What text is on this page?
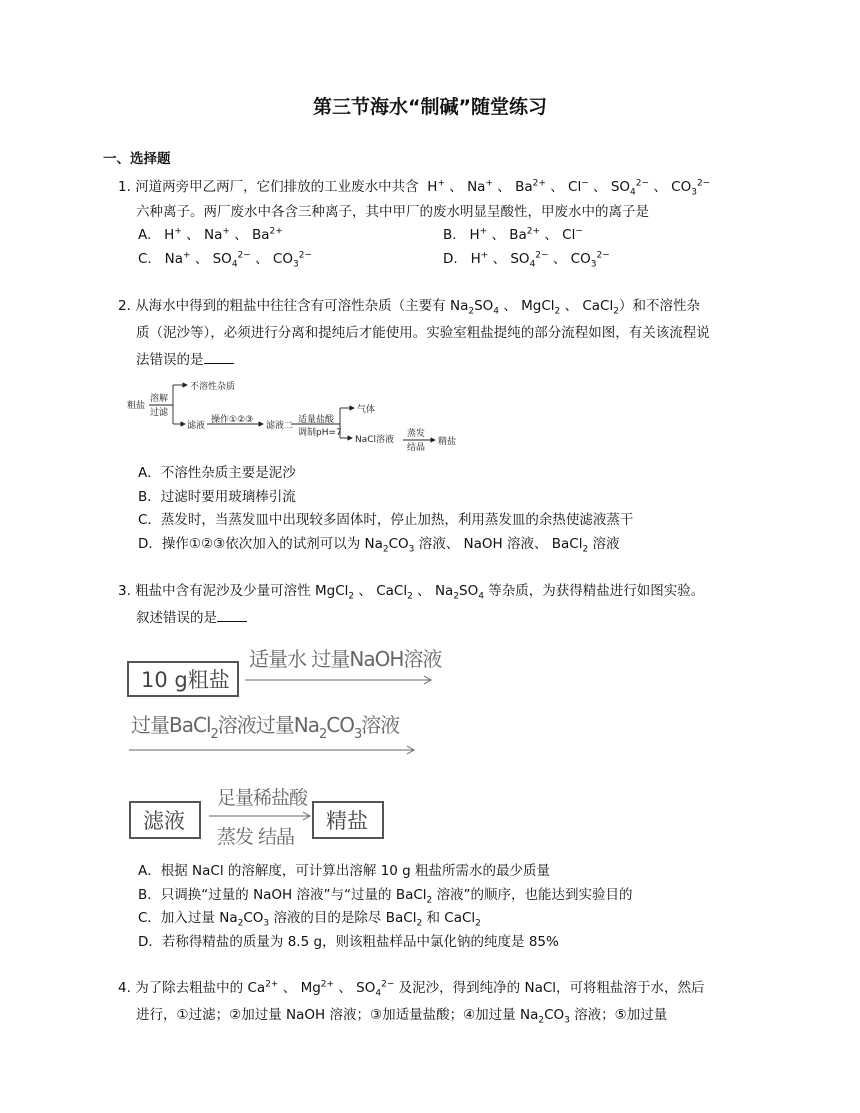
第三节海水“制碱”随堂练习
一、选择题

1. 河道两旁甲乙两厂，它们排放的工业废水中共含 H+ 、 Na+ 、 $Ba^{2+}$ 、 Cl− 、 $SO_4^{2-}$ 、 $CO_3^{2-}$

六种离子。两厂废水中各含三种离子，其中甲厂的废水明显呈酸性，甲废水中的离子是

A. H+ 、 Na+ 、 $Ba^{2+}$	B. H+ 、 $Ba^{2+}$ 、 Cl−
C. Na+ 、 $SO_4^{2-}$ 、 $CO_3^{2-}$	D. H+ 、 $SO_4^{2-}$ 、 $CO_3^{2-}$

2. 从海水中得到的粗盐中往往含有可溶性杂质（主要有 $Na_2SO_4$ 、 MgCl$_2$ 、 CaCl$_2$）和不溶性杂

质（泥沙等），必须进行分离和提纯后才能使用。实验室粗盐提纯的部分流程如图，有关该流程说

法错误的是

粗盐
溶解
过滤
不溶性杂质
滤液
操作①②③
滤液二
适量盐酸
调制pH=7
气体
NaCl溶液
蒸发
结晶
精盐
A．不溶性杂质主要是泥沙
B．过滤时要用玻璃棒引流
C．蒸发时，当蒸发皿中出现较多固体时，停止加热，利用蒸发皿的余热使滤液蒸干
D．操作①②③依次加入的试剂可以为 $Na_2CO_3$ 溶液、 NaOH 溶液、 BaCl$_2$ 溶液

3. 粗盐中含有泥沙及少量可溶性 MgCl$_2$ 、 CaCl$_2$ 、 $Na_2SO_4$ 等杂质，为获得精盐进行如图实验。

叙述错误的是

10 g粗盐
适量水 过量NaOH溶液
过量BaCl$_2$溶液过量$Na_2CO_3$溶液
滤液
足量稀盐酸
蒸发 结晶
精盐
A．根据 NaCl 的溶解度，可计算出溶解 10 g 粗盐所需水的最少质量
B．只调换“过量的 NaOH 溶液”与“过量的 BaCl$_2$ 溶液”的顺序，也能达到实验目的
C．加入过量 $Na_2CO_3$ 溶液的目的是除尽 BaCl$_2$ 和 CaCl$_2$
D．若称得精盐的质量为 8.5 g，则该粗盐样品中氯化钠的纯度是 85%

4. 为了除去粗盐中的 $Ca^{2+}$ 、 $Mg^{2+}$ 、 $SO_4^{2-}$ 及泥沙，得到纯净的 NaCl，可将粗盐溶于水，然后

进行，①过滤；②加过量 NaOH 溶液；③加适量盐酸；④加过量 $Na_2CO_3$ 溶液；⑤加过量
